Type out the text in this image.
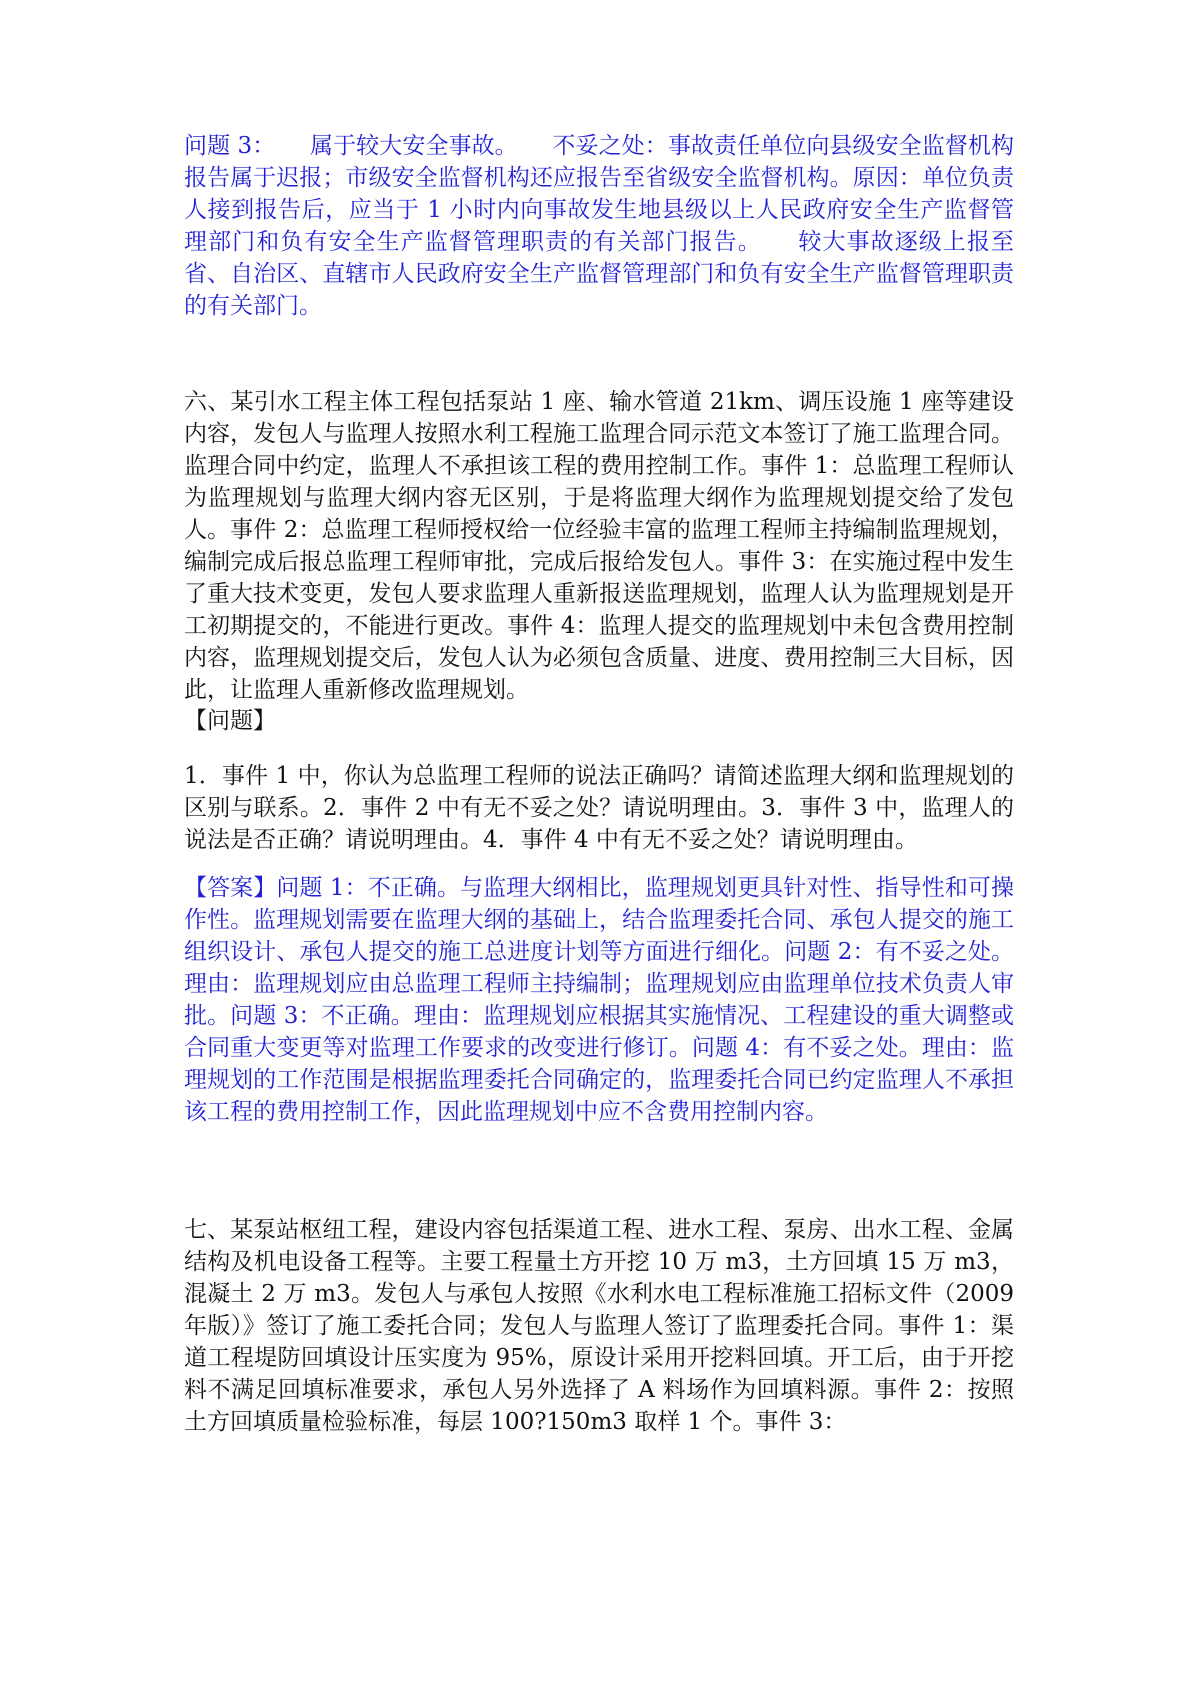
问题 3：　　属于较大安全事故。　　不妥之处：事故责任单位向县级安全监督机构报告属于迟报；市级安全监督机构还应报告至省级安全监督机构。原因：单位负责人接到报告后，应当于 1 小时内向事故发生地县级以上人民政府安全生产监督管理部门和负有安全生产监督管理职责的有关部门报告。　　较大事故逐级上报至省、自治区、直辖市人民政府安全生产监督管理部门和负有安全生产监督管理职责的有关部门。

六、某引水工程主体工程包括泵站 1 座、输水管道 21km、调压设施 1 座等建设内容，发包人与监理人按照水利工程施工监理合同示范文本签订了施工监理合同。监理合同中约定，监理人不承担该工程的费用控制工作。事件 1：总监理工程师认为监理规划与监理大纲内容无区别，于是将监理大纲作为监理规划提交给了发包人。事件 2：总监理工程师授权给一位经验丰富的监理工程师主持编制监理规划，编制完成后报总监理工程师审批，完成后报给发包人。事件 3：在实施过程中发生了重大技术变更，发包人要求监理人重新报送监理规划，监理人认为监理规划是开工初期提交的，不能进行更改。事件 4：监理人提交的监理规划中未包含费用控制内容，监理规划提交后，发包人认为必须包含质量、进度、费用控制三大目标，因此，让监理人重新修改监理规划。

【问题】

1．事件 1 中，你认为总监理工程师的说法正确吗？请简述监理大纲和监理规划的区别与联系。2．事件 2 中有无不妥之处？请说明理由。3．事件 3 中，监理人的说法是否正确？请说明理由。4．事件 4 中有无不妥之处？请说明理由。

【答案】问题 1：不正确。与监理大纲相比，监理规划更具针对性、指导性和可操作性。监理规划需要在监理大纲的基础上，结合监理委托合同、承包人提交的施工组织设计、承包人提交的施工总进度计划等方面进行细化。问题 2：有不妥之处。理由：监理规划应由总监理工程师主持编制；监理规划应由监理单位技术负责人审批。问题 3：不正确。理由：监理规划应根据其实施情况、工程建设的重大调整或合同重大变更等对监理工作要求的改变进行修订。问题 4：有不妥之处。理由：监理规划的工作范围是根据监理委托合同确定的，监理委托合同已约定监理人不承担该工程的费用控制工作，因此监理规划中应不含费用控制内容。

七、某泵站枢纽工程，建设内容包括渠道工程、进水工程、泵房、出水工程、金属结构及机电设备工程等。主要工程量土方开挖 10 万 m3，土方回填 15 万 m3，混凝土 2 万 m3。发包人与承包人按照《水利水电工程标准施工招标文件（2009 年版）》签订了施工委托合同；发包人与监理人签订了监理委托合同。事件 1：渠道工程堤防回填设计压实度为 95%，原设计采用开挖料回填。开工后，由于开挖料不满足回填标准要求，承包人另外选择了 A 料场作为回填料源。事件 2：按照土方回填质量检验标准，每层 100?150m3 取样 1 个。事件 3：
